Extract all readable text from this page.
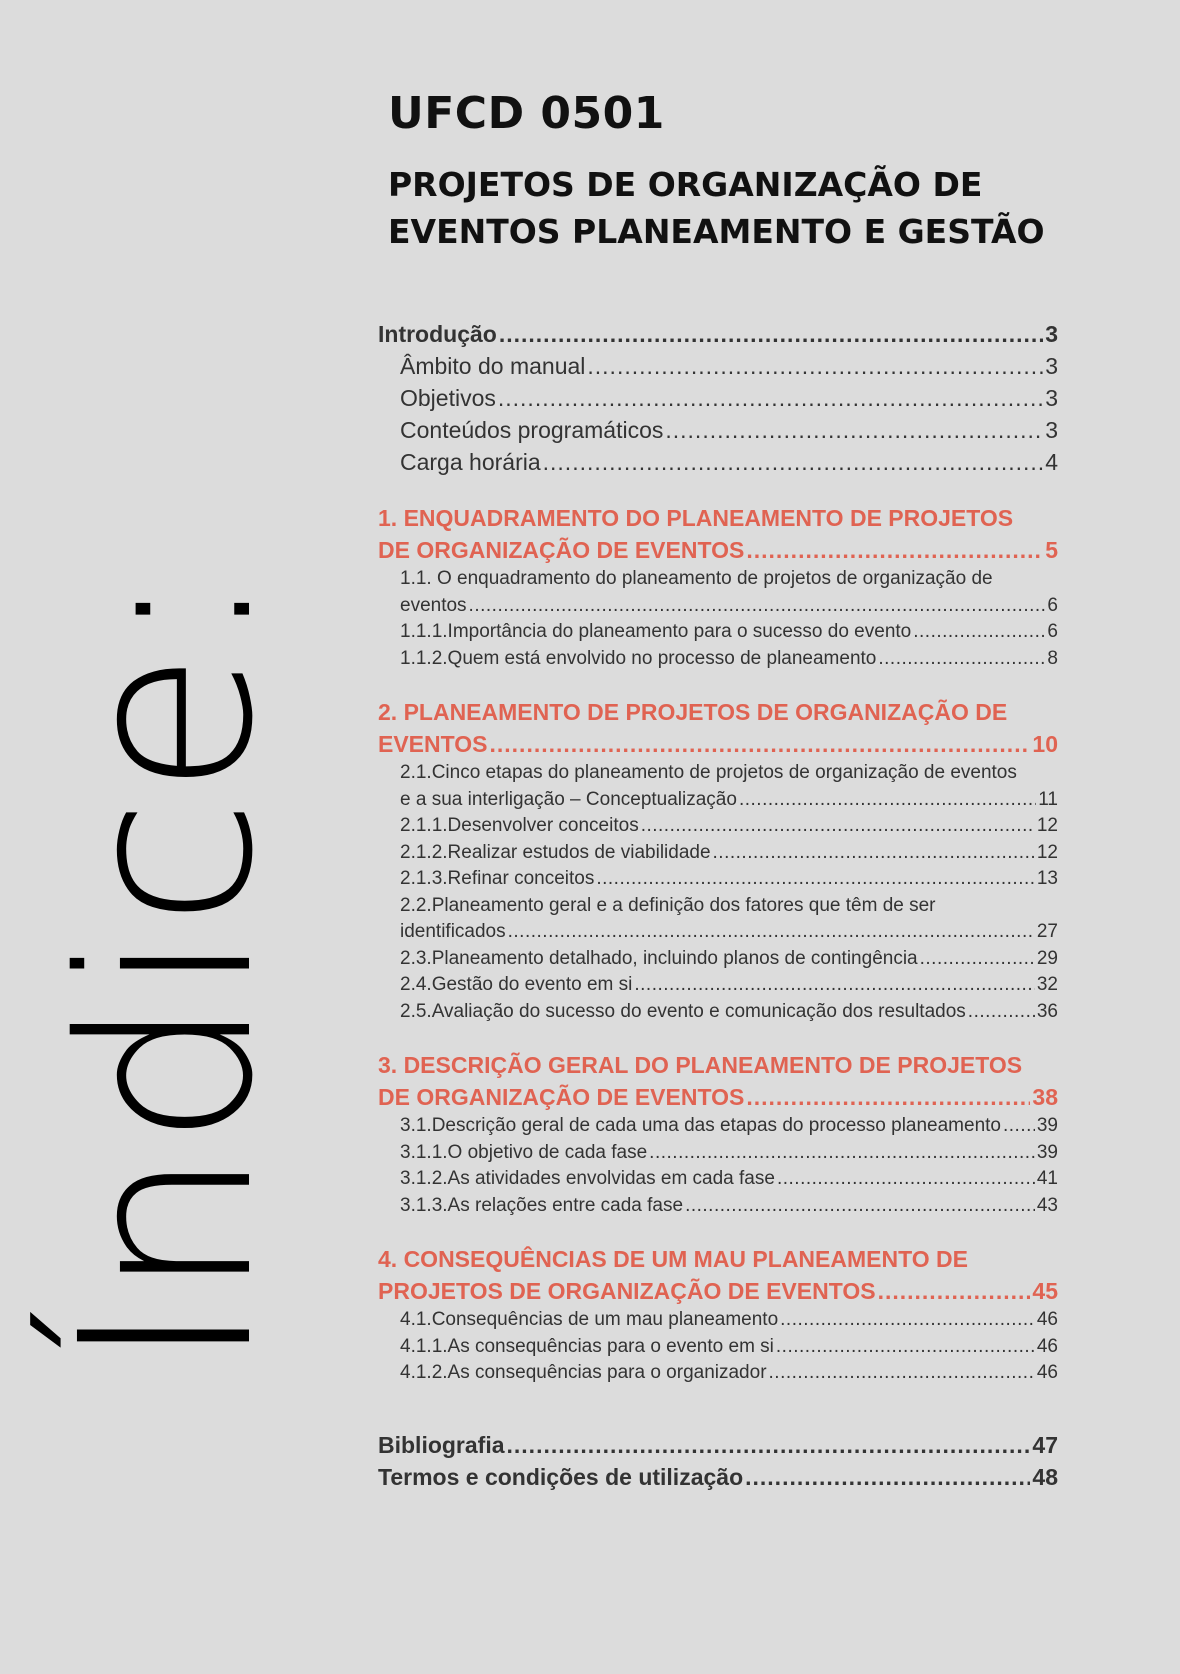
Índice:
UFCD 0501
PROJETOS DE ORGANIZAÇÃO DE
EVENTOS PLANEAMENTO E GESTÃO
Introdução .....	3
Âmbito do manual .....	3
Objetivos .....	3
Conteúdos programáticos .....	3
Carga horária .....	4
1. ENQUADRAMENTO DO PLANEAMENTO DE PROJETOS
DE ORGANIZAÇÃO DE EVENTOS .....	5
1.1. O enquadramento do planeamento de projetos de organização de
eventos .....	6
1.1.1.Importância do planeamento para o sucesso do evento .....	6
1.1.2.Quem está envolvido no processo de planeamento .....	8
2. PLANEAMENTO DE PROJETOS DE ORGANIZAÇÃO DE
EVENTOS .....	10
2.1.Cinco etapas do planeamento de projetos de organização de eventos
e a sua interligação – Conceptualização .....	11
2.1.1.Desenvolver conceitos .....	12
2.1.2.Realizar estudos de viabilidade .....	12
2.1.3.Refinar conceitos .....	13
2.2.Planeamento geral e a definição dos fatores que têm de ser
identificados .....	27
2.3.Planeamento detalhado, incluindo planos de contingência .....	29
2.4.Gestão do evento em si .....	32
2.5.Avaliação do sucesso do evento e comunicação dos resultados .....	36
3. DESCRIÇÃO GERAL DO PLANEAMENTO DE PROJETOS
DE ORGANIZAÇÃO DE EVENTOS .....	38
3.1.Descrição geral de cada uma das etapas do processo planeamento ..... 39
3.1.1.O objetivo de cada fase .....	39
3.1.2.As atividades envolvidas em cada fase .....	41
3.1.3.As relações entre cada fase .....	43
4. CONSEQUÊNCIAS DE UM MAU PLANEAMENTO DE
PROJETOS DE ORGANIZAÇÃO DE EVENTOS .....	45
4.1.Consequências de um mau planeamento .....	46
4.1.1.As consequências para o evento em si .....	46
4.1.2.As consequências para o organizador .....	46
Bibliografia .....	47
Termos e condições de utilização .....	48
